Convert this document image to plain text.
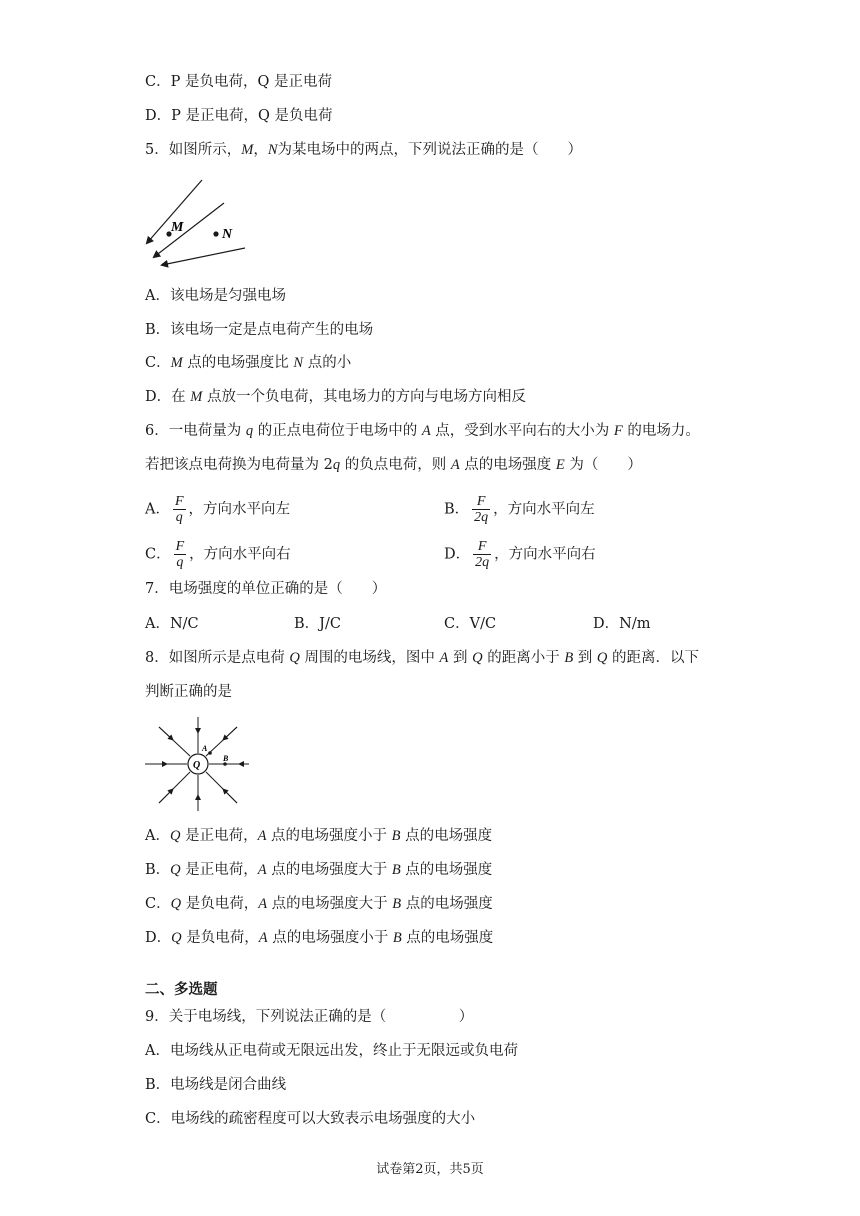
C．P 是负电荷，Q 是正电荷
D．P 是正电荷，Q 是负电荷
5．如图所示，M，N为某电场中的两点，下列说法正确的是（　　）
M	N
A．该电场是匀强电场
B．该电场一定是点电荷产生的电场
C．M 点的电场强度比 N 点的小
D．在 M 点放一个负电荷，其电场力的方向与电场方向相反
6．一电荷量为 q 的正点电荷位于电场中的 A 点，受到水平向右的大小为 F 的电场力。
若把该点电荷换为电荷量为 2q 的负点电荷，则 A 点的电场强度 E 为（　　）
A． $\frac{F}{q}$ ，方向水平向左	B． $\frac{F}{2q}$ ，方向水平向左
C． $\frac{F}{q}$ ，方向水平向右	D． $\frac{F}{2q}$ ，方向水平向右
7．电场强度的单位正确的是（　　）
A．N/C	B．J/C	C．V/C	D．N/m
8．如图所示是点电荷 Q 周围的电场线，图中 A 到 Q 的距离小于 B 到 Q 的距离．以下
判断正确的是
Q
A
B
A．Q 是正电荷，A 点的电场强度小于 B 点的电场强度
B．Q 是正电荷，A 点的电场强度大于 B 点的电场强度
C．Q 是负电荷，A 点的电场强度大于 B 点的电场强度
D．Q 是负电荷，A 点的电场强度小于 B 点的电场强度
二、多选题
9．关于电场线，下列说法正确的是（　　　　　）
A．电场线从正电荷或无限远出发，终止于无限远或负电荷
B．电场线是闭合曲线
C．电场线的疏密程度可以大致表示电场强度的大小
试卷第2页，共5页
